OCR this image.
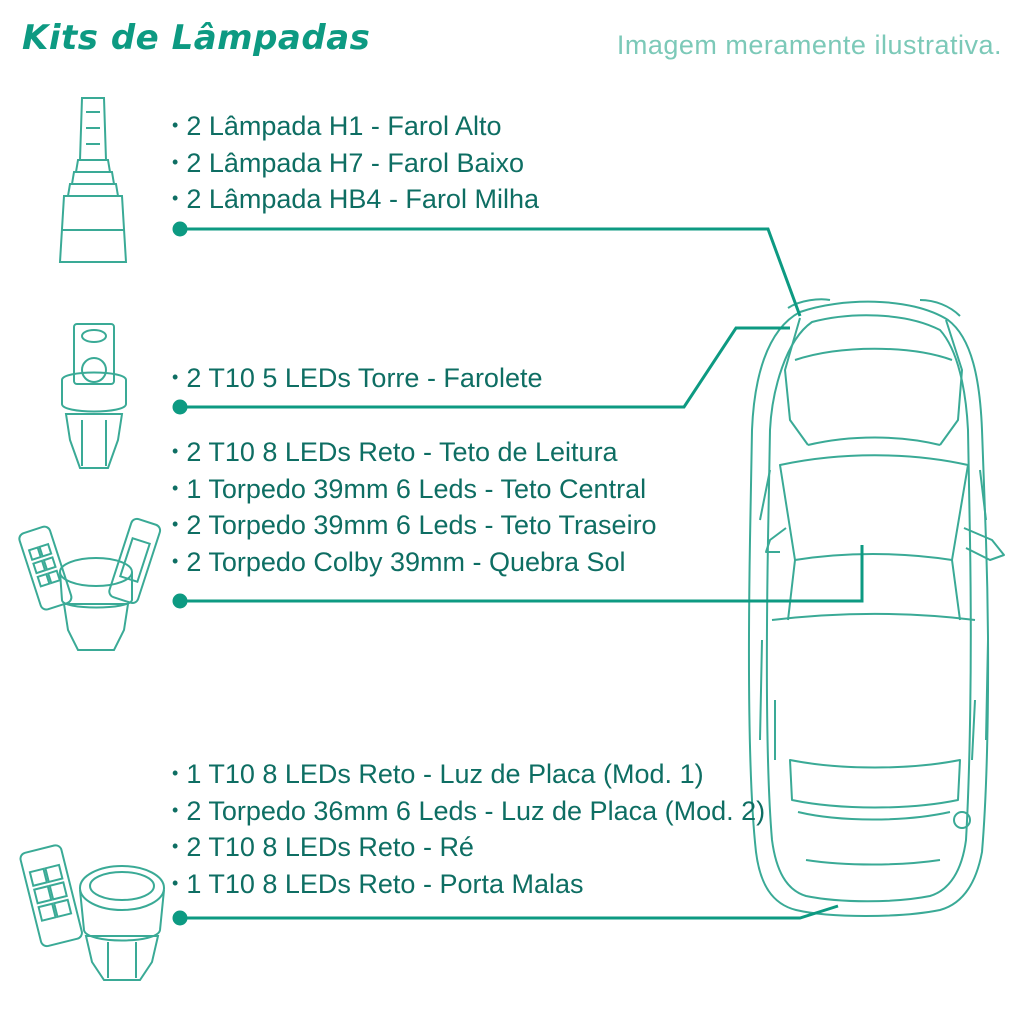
Kits de Lâmpadas	Imagem meramente ilustrativa.
• 2 Lâmpada H1 - Farol Alto
• 2 Lâmpada H7 - Farol Baixo
• 2 Lâmpada HB4 - Farol Milha
• 2 T10 5 LEDs Torre - Farolete
• 2 T10 8 LEDs Reto - Teto de Leitura
• 1 Torpedo 39mm 6 Leds - Teto Central
• 2 Torpedo 39mm 6 Leds - Teto Traseiro
• 2 Torpedo Colby 39mm - Quebra Sol
• 1 T10 8 LEDs Reto - Luz de Placa (Mod. 1)
• 2 Torpedo 36mm 6 Leds - Luz de Placa (Mod. 2)
• 2 T10 8 LEDs Reto - Ré
• 1 T10 8 LEDs Reto - Porta Malas
